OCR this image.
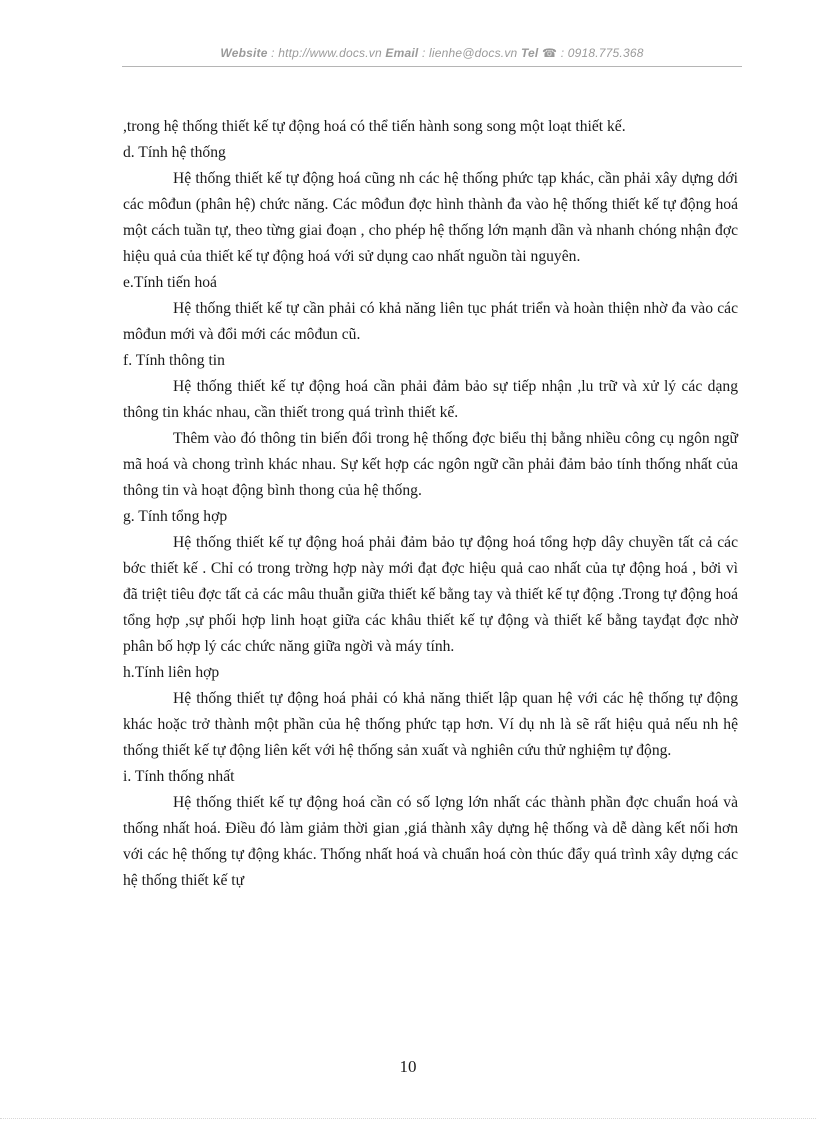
Website : http://www.docs.vn Email : lienhe@docs.vn Tel ☎ : 0918.775.368

,trong hệ thống thiết kế tự động hoá có thể tiến hành song song một loạt thiết kế.

d. Tính hệ thống

Hệ thống thiết kế tự động hoá cũng nh các hệ thống phức tạp khác, cần phải xây dựng dới các môđun (phân hệ) chức năng. Các môđun đợc hình thành đa vào hệ thống thiết kế tự động hoá một cách tuần tự, theo từng giai đoạn , cho phép hệ thống lớn mạnh dần và nhanh chóng nhận đợc hiệu quả của thiết kế tự động hoá với sử dụng cao nhất nguồn tài nguyên.

e.Tính tiến hoá

Hệ thống thiết kế tự cần phải có khả năng liên tục phát triển và hoàn thiện nhờ đa vào các môđun mới và đổi mới các môđun cũ.

f. Tính thông tin

Hệ thống thiết kế tự động hoá cần phải đảm bảo sự tiếp nhận ,lu trữ và xử lý các dạng thông tin khác nhau, cần thiết trong quá trình thiết kế.

Thêm vào đó thông tin biến đổi trong hệ thống đợc biểu thị bằng nhiều công cụ ngôn ngữ mã hoá và chong trình khác nhau. Sự kết hợp các ngôn ngữ cần phải đảm bảo tính thống nhất của thông tin và hoạt động bình thong của hệ thống.

g. Tính tổng hợp

Hệ thống thiết kế tự động hoá phải đảm bảo tự động hoá tổng hợp dây chuyền tất cả các bớc thiết kế . Chỉ có trong trờng hợp này mới đạt đợc hiệu quả cao nhất của tự động hoá , bởi vì đã triệt tiêu đợc tất cả các mâu thuẫn giữa thiết kế bằng tay và thiết kế tự động .Trong tự động hoá tổng hợp ,sự phối hợp linh hoạt giữa các khâu thiết kế tự động và thiết kế bằng tayđạt đợc nhờ phân bố hợp lý các chức năng giữa ngời và máy tính.

h.Tính liên hợp

Hệ thống thiết tự động hoá phải có khả năng thiết lập quan hệ với các hệ thống tự động khác hoặc trở thành một phần của hệ thống phức tạp hơn. Ví dụ nh là sẽ rất hiệu quả nếu nh hệ thống thiết kế tự động liên kết với hệ thống sản xuất và nghiên cứu thử nghiệm tự động.

i. Tính thống nhất

Hệ thống thiết kế tự động hoá cần có số lợng lớn nhất các thành phần đợc chuẩn hoá và thống nhất hoá. Điều đó làm giảm thời gian ,giá thành xây dựng hệ thống và dễ dàng kết nối hơn với các hệ thống tự động khác. Thống nhất hoá và chuẩn hoá còn thúc đẩy quá trình xây dựng các hệ thống thiết kế tự

10
